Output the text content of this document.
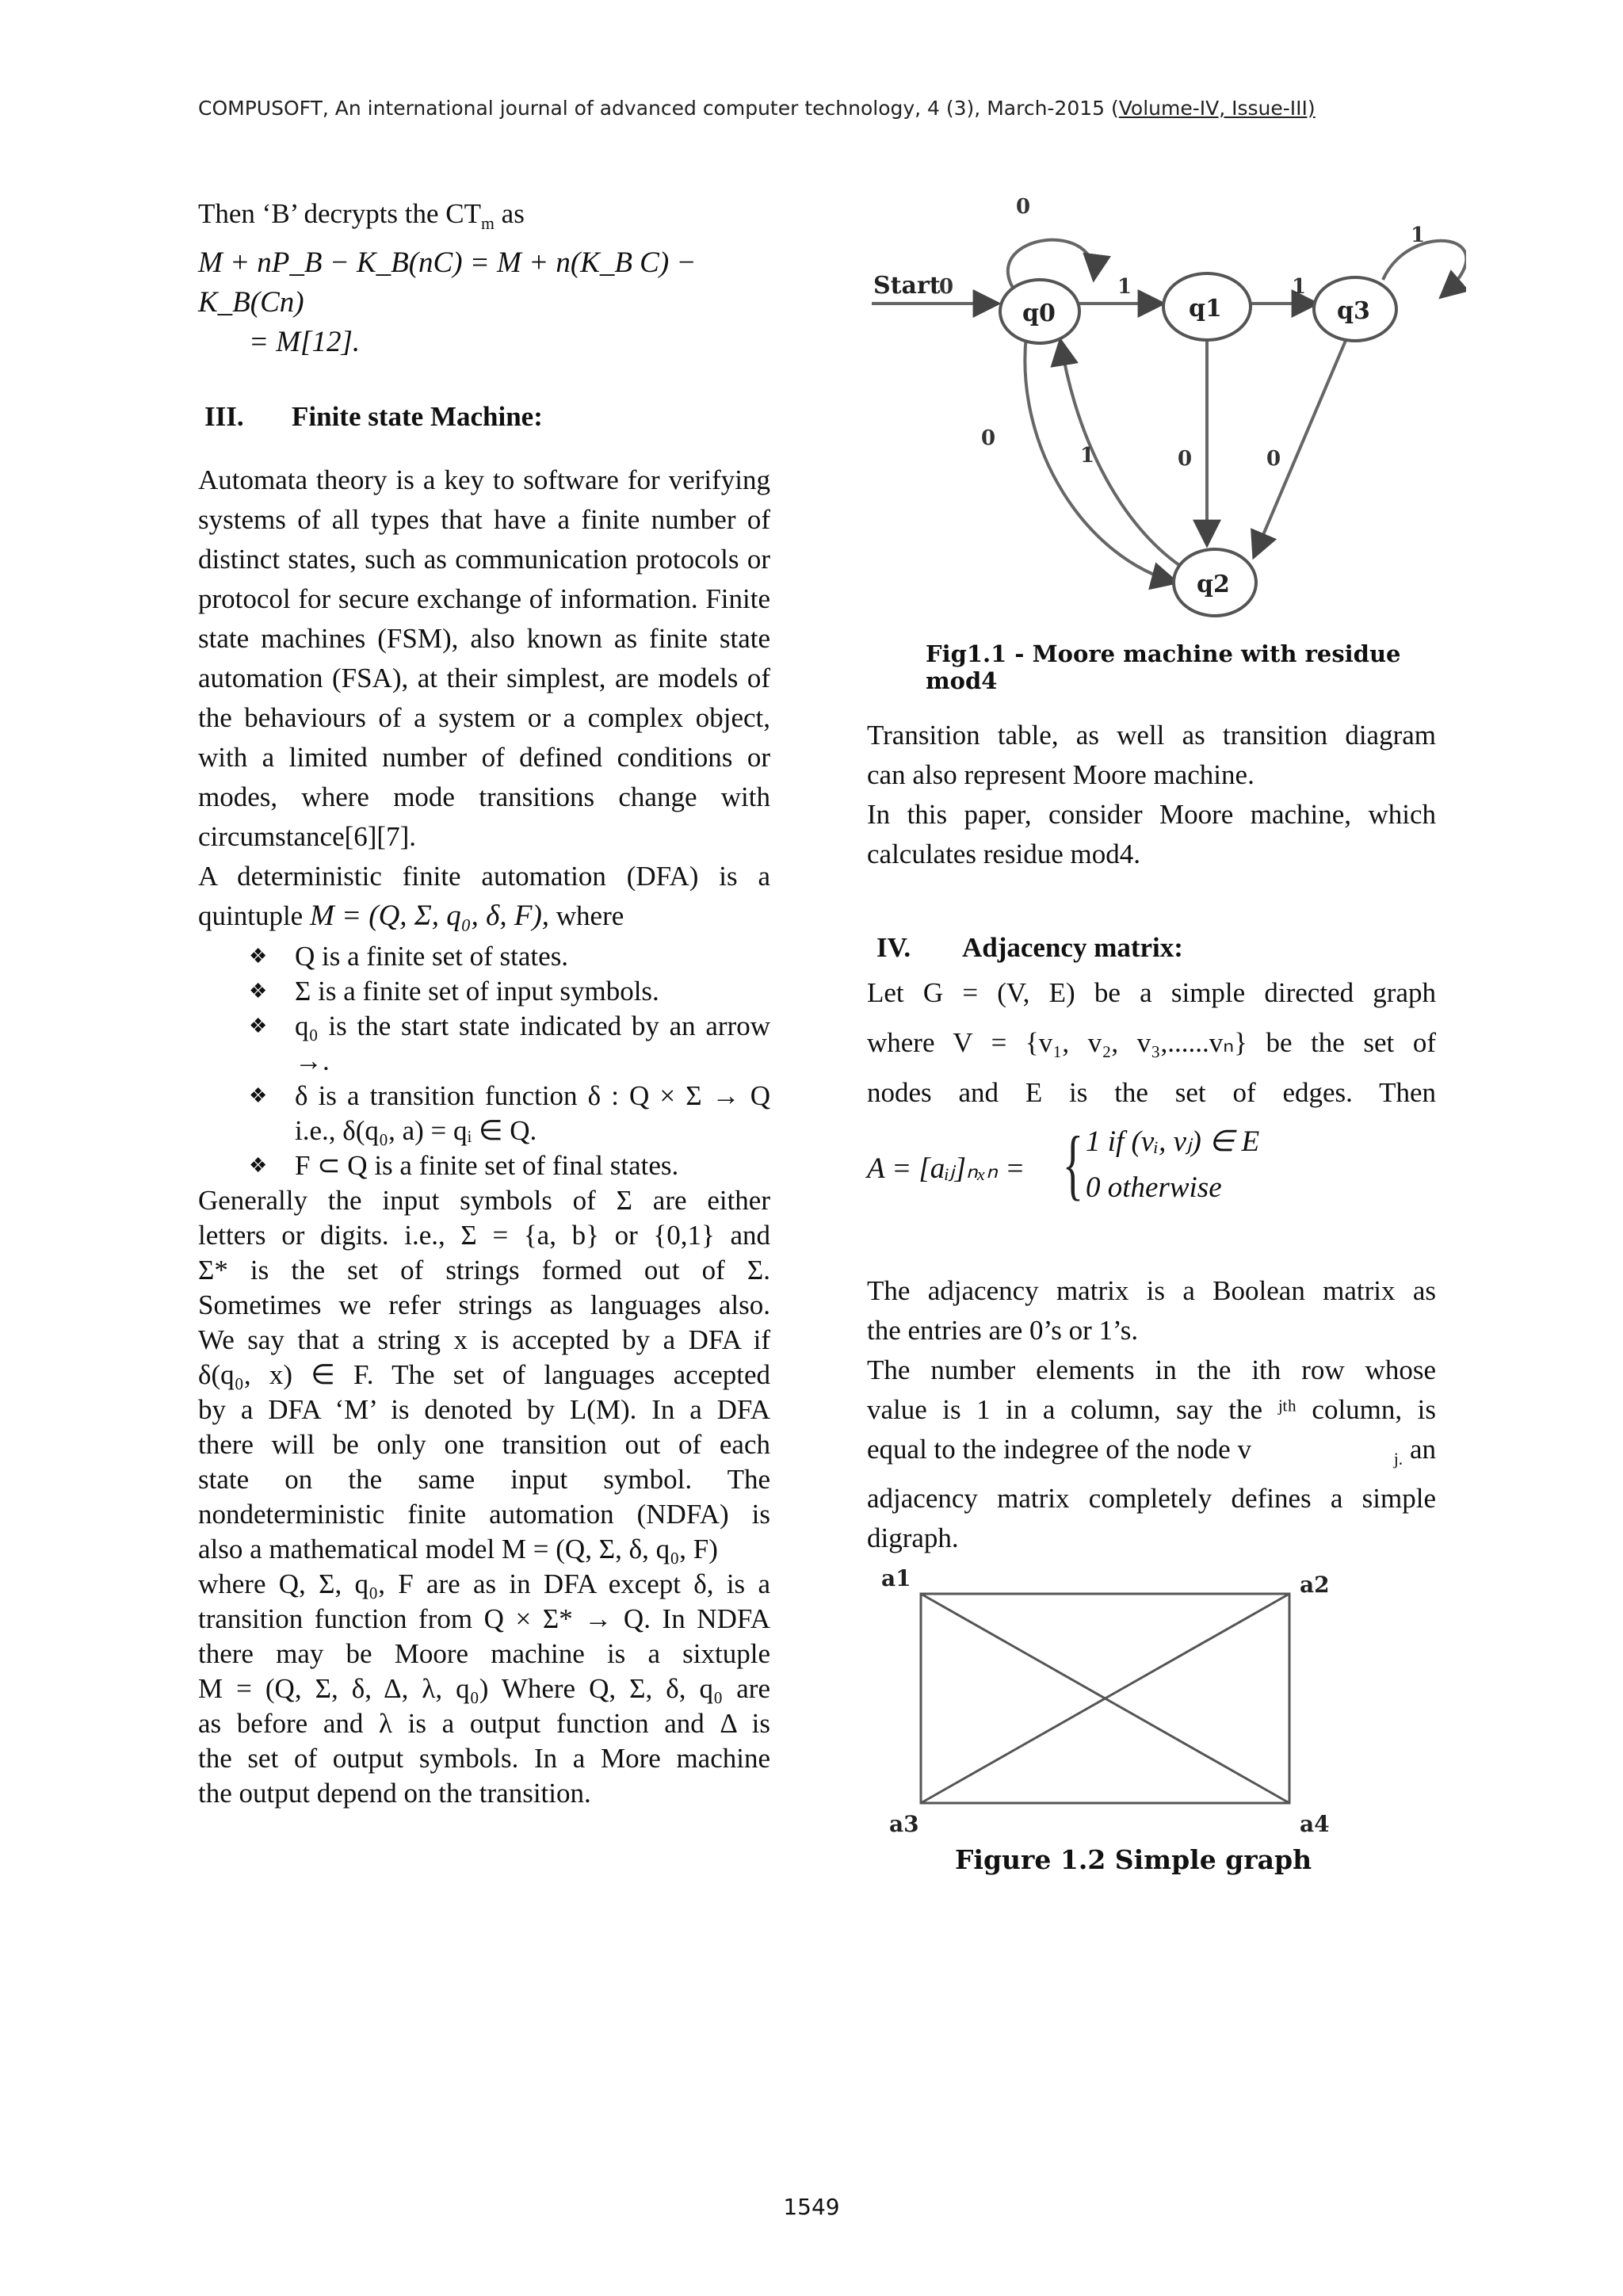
COMPUSOFT, An international journal of advanced computer technology, 4 (3), March-2015 (Volume-IV, Issue-III)

Then ‘B’ decrypts the $CT_m$ as

M + nP_B − K_B(nC) = M + n(K_B C) − K_B(Cn)

= M[12].

III. Finite state Machine:

Automata theory is a key to software for verifying systems of all types that have a finite number of distinct states, such as communication protocols or protocol for secure exchange of information. Finite state machines (FSM), also known as finite state automation (FSA), at their simplest, are models of the behaviours of a system or a complex object, with a limited number of defined conditions or modes, where mode transitions change with circumstance[6][7].

A deterministic finite automation (DFA) is a

quintuple M = (Q, Σ, q₀, δ, F), where

❖ Q is a finite set of states.

❖ Σ is a finite set of input symbols.

❖ q₀ is the start state indicated by an arrow →.

❖ δ is a transition function δ : Q × Σ → Q i.e., δ(q₀, a) = qᵢ ∈ Q.

❖ F ⊂ Q is a finite set of final states.

Generally the input symbols of Σ are either

letters or digits. i.e., Σ = {a, b} or {0,1} and

Σ* is the set of strings formed out of Σ.

Sometimes we refer strings as languages also.

We say that a string x is accepted by a DFA if

δ(q₀, x) ∈ F. The set of languages accepted

by a DFA ‘M’ is denoted by L(M). In a DFA

there will be only one transition out of each

state on the same input symbol. The

nondeterministic finite automation (NDFA) is

also a mathematical model M = (Q, Σ, δ, q₀, F)

where Q, Σ, q₀, F are as in DFA except δ, is a

transition function from Q × Σ* → Q. In NDFA

there may be Moore machine is a sixtuple

M = (Q, Σ, δ, Δ, λ, q₀) Where Q, Σ, δ, q₀ are

as before and λ is a output function and Δ is

the set of output symbols. In a More machine

the output depend on the transition.

Start
q0	q1	q3
q2
0
0
1	1
1
0
1	0	0
Fig1.1 - Moore machine with residue mod4

Transition table, as well as transition diagram

can also represent Moore machine.

In this paper, consider Moore machine, which

calculates residue mod4.

IV. Adjacency matrix:

Let G = (V, E) be a simple directed graph

where V = {v₁, v₂, v₃,......vₙ} be the set of

nodes and E is the set of edges. Then

A = [aᵢⱼ]ₙₓₙ = { 1 if (vᵢ, vⱼ) ∈ E
0 otherwise

The adjacency matrix is a Boolean matrix as

the entries are 0’s or 1’s.

The number elements in the ith row whose

value is 1 in a column, say the ʲᵗʰ column, is

equal to the indegree of the node v	$_{j.}$ an

adjacency matrix completely defines a simple

digraph.

a1	a2
a3	a4
Figure 1.2 Simple graph
1549
